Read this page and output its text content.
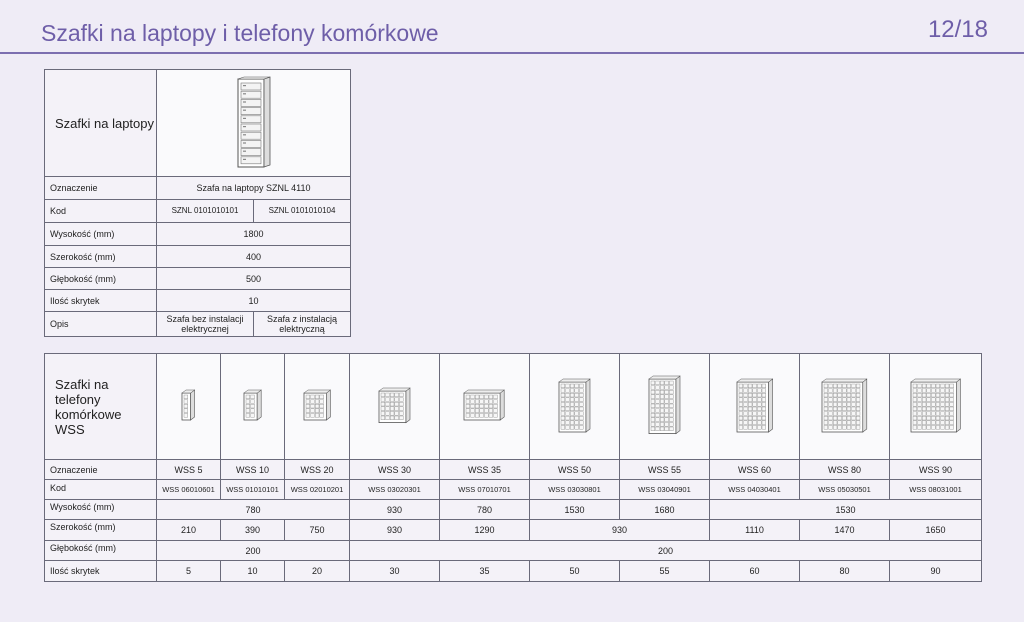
Szafki na laptopy i telefony komórkowe	12/18
Szafki na laptopy	

Oznaczenie	Szafa na laptopy SZNL 4110	
Kod	SZNL 0101010101	SZNL 0101010104
Wysokość (mm)	1800	
Szerokość (mm)	400	
Głębokość (mm)	500	
Ilość skrytek	10	
Opis	Szafa bez instalacji elektrycznej	Szafa z instalacją elektryczną
Szafki na telefony komórkowe WSS	

Oznaczenie	WSS 5	WSS 10	WSS 20	WSS 30	WSS 35	WSS 50	WSS 55	WSS 60	WSS 80	WSS 90
Kod	WSS 06010601	WSS 01010101	WSS 02010201	WSS 03020301	WSS 07010701	WSS 03030801	WSS 03040901	WSS 04030401	WSS 05030501	WSS 08031001
Wysokość (mm)	780			930	780	1530	1680	1530		
Szerokość (mm)	210	390	750	930	1290	930		1110	1470	1650
Głębokość (mm)	200			200						
Ilość skrytek	5	10	20	30	35	50	55	60	80	90
